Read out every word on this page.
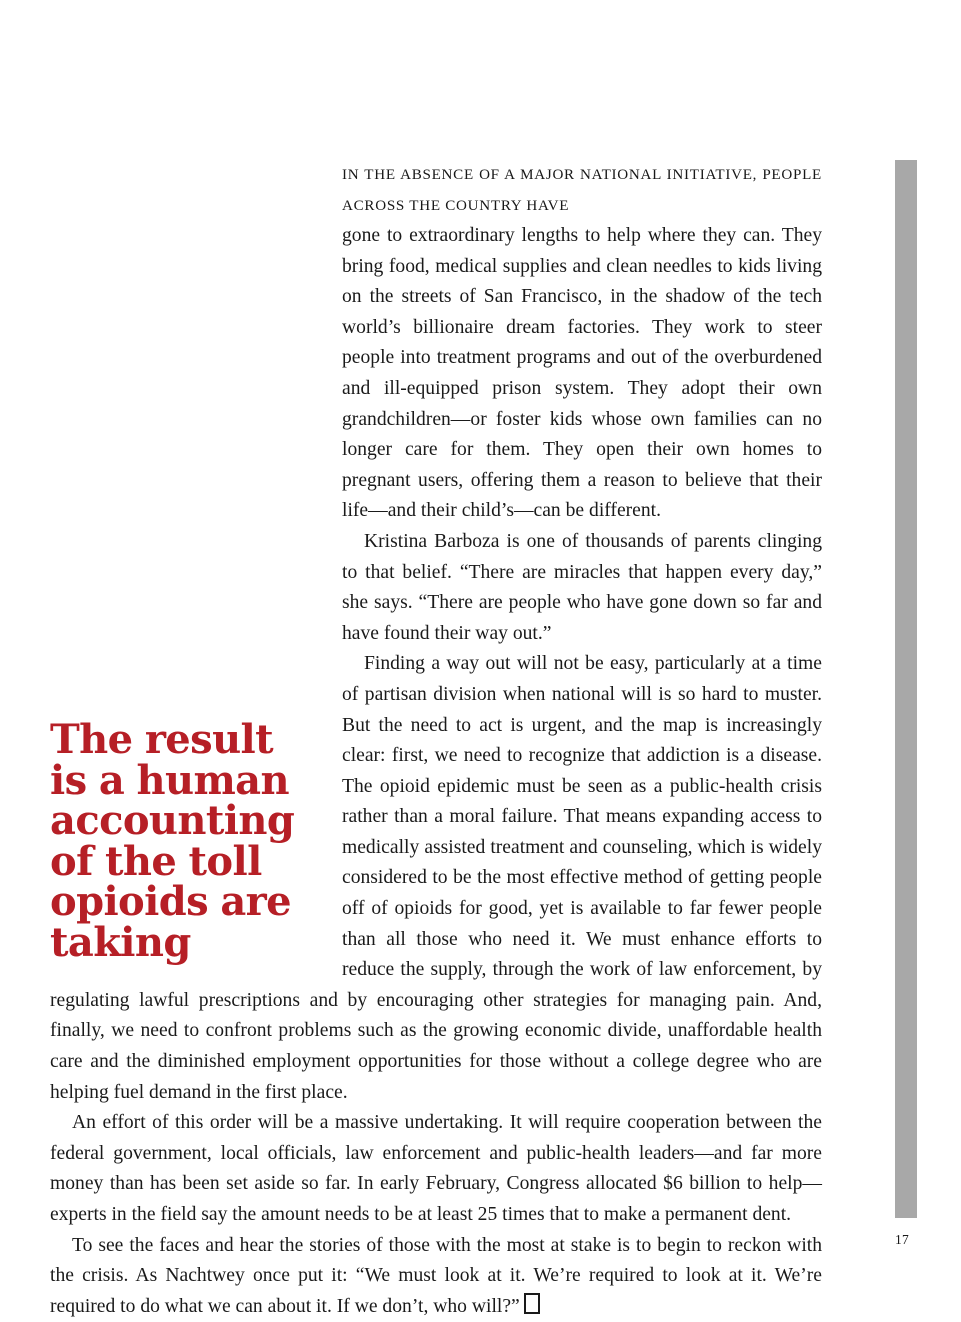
The result
is a human
accounting
of the toll
opioids are
taking

IN THE ABSENCE OF A MAJOR NATIONAL INITIATIVE, PEOPLE ACROSS THE COUNTRY HAVE
gone to extraordinary lengths to help where they can. They bring food, medical supplies and clean needles to kids living on the streets of San Francisco, in the shadow of the tech world’s billionaire dream factories. They work to steer people into treatment programs and out of the overburdened and ill-equipped prison system. They adopt their own grandchildren—or foster kids whose own families can no longer care for them. They open their own homes to pregnant users, offering them a reason to believe that their life—and their child’s—can be different.

Kristina Barboza is one of thousands of parents clinging to that belief. “There are miracles that happen every day,” she says. “There are people who have gone down so far and have found their way out.”

Finding a way out will not be easy, particularly at a time of partisan division when national will is so hard to muster. But the need to act is urgent, and the map is increasingly clear: first, we need to recognize that addiction is a disease. The opioid epidemic must be seen as a public-health crisis rather than a moral failure. That means expanding access to medically assisted treatment and counseling, which is widely considered to be the most effective method of getting people off of opioids for good, yet is available to far fewer people than all those who need it. We must enhance efforts to reduce the supply, through the work of law enforcement, by regulating lawful prescriptions and by encouraging other strategies for managing pain. And, finally, we need to confront problems such as the growing economic divide, unaffordable health care and the diminished employment opportunities for those without a college degree who are helping fuel demand in the first place.

An effort of this order will be a massive undertaking. It will require cooperation between the federal government, local officials, law enforcement and public-health leaders—and far more money than has been set aside so far. In early February, Congress allocated $6 billion to help—experts in the field say the amount needs to be at least 25 times that to make a permanent dent.

To see the faces and hear the stories of those with the most at stake is to begin to reckon with the crisis. As Nachtwey once put it: “We must look at it. We’re required to look at it. We’re required to do what we can about it. If we don’t, who will?”

17
